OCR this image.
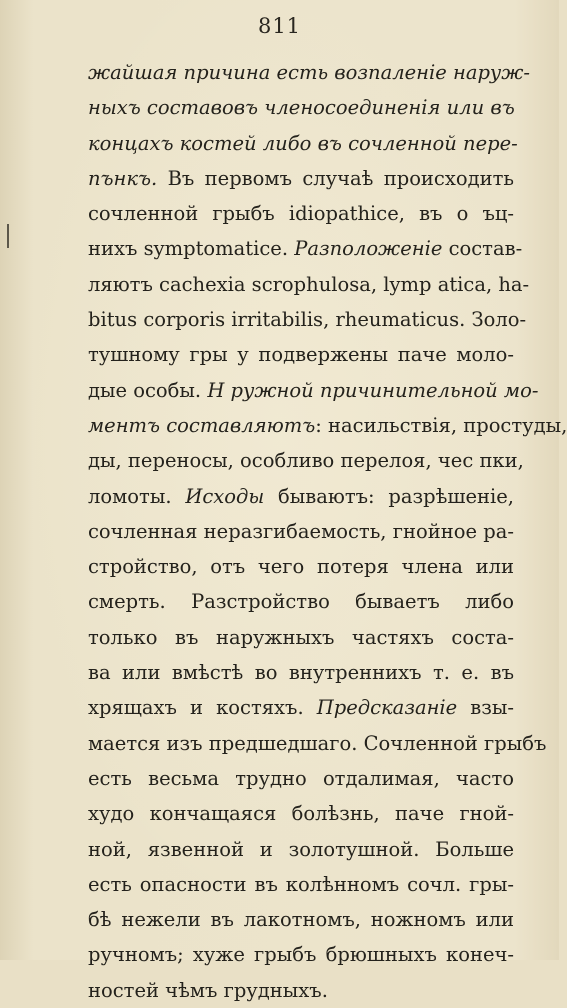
811
жайшая причина есть возпаленіе наруж-
ныхъ составовъ членосоединенія или въ
концахъ костей либо въ сочленной пере-
пънкъ. Въ первомъ случаѣ происходить
сочленной грыбъ idiopathice, въ о ъц-
нихъ symptomatice. Разположеніе состав-
ляютъ cachexia scrophulosa, lymp atica, ha-
bitus corporis irritabilis, rheumaticus. Золо-
тушному гры у подвержены паче моло-
дые особы. Н ружной причинительной мо-
ментъ составляютъ: насильствія, простуды,
ды, переносы, особливо перелоя, чес пки,
ломоты. Исходы бываютъ: разрѣшеніе,
сочленная неразгибаемость, гнойное ра-
стройство, отъ чего потеря члена или
смерть. Разстройство бываетъ либо
только въ наружныхъ частяхъ соста-
ва или вмѣстѣ во внутреннихъ т. е. въ
хрящахъ и костяхъ. Предсказаніе взы-
мается изъ предшедшаго. Сочленной грыбъ
есть весьма трудно отдалимая, часто
худо кончащаяся болѣзнь, паче гной-
ной, язвенной и золотушной. Больше
есть опасности въ колѣнномъ сочл. гры-
бѣ нежели въ лакотномъ, ножномъ или
ручномъ; хуже грыбъ брюшныхъ конеч-
ностей чѣмъ грудныхъ.
